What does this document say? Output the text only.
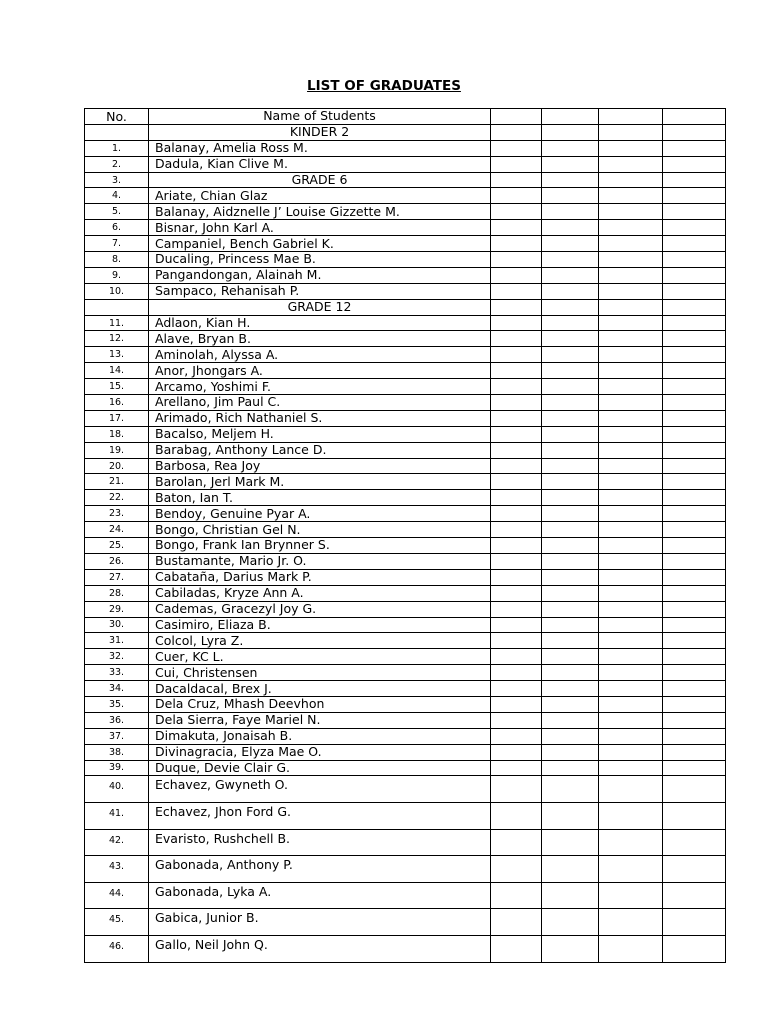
LIST OF GRADUATES
No.	Name of Students				
	KINDER 2				
1.	Balanay, Amelia Ross M.				
2.	Dadula, Kian Clive M.				
3.	GRADE 6				
4.	Ariate, Chian Glaz				
5.	Balanay, Aidznelle J’ Louise Gizzette M.				
6.	Bisnar, John Karl A.				
7.	Campaniel, Bench Gabriel K.				
8.	Ducaling, Princess Mae B.				
9.	Pangandongan, Alainah M.				
10.	Sampaco, Rehanisah P.				
	GRADE 12				
11.	Adlaon, Kian H.				
12.	Alave, Bryan B.				
13.	Aminolah, Alyssa A.				
14.	Anor, Jhongars A.				
15.	Arcamo, Yoshimi F.				
16.	Arellano, Jim Paul C.				
17.	Arimado, Rich Nathaniel S.				
18.	Bacalso, Meljem H.				
19.	Barabag, Anthony Lance D.				
20.	Barbosa, Rea Joy				
21.	Barolan, Jerl Mark M.				
22.	Baton, Ian T.				
23.	Bendoy, Genuine Pyar A.				
24.	Bongo, Christian Gel N.				
25.	Bongo, Frank Ian Brynner S.				
26.	Bustamante, Mario Jr. O.				
27.	Cabataña, Darius Mark P.				
28.	Cabiladas, Kryze Ann A.				
29.	Cademas, Gracezyl Joy G.				
30.	Casimiro, Eliaza B.				
31.	Colcol, Lyra Z.				
32.	Cuer, KC L.				
33.	Cui, Christensen				
34.	Dacaldacal, Brex J.				
35.	Dela Cruz, Mhash Deevhon				
36.	Dela Sierra, Faye Mariel N.				
37.	Dimakuta, Jonaisah B.				
38.	Divinagracia, Elyza Mae O.				
39.	Duque, Devie Clair G.				
40.	Echavez, Gwyneth O.				
41.	Echavez, Jhon Ford G.				
42.	Evaristo, Rushchell B.				
43.	Gabonada, Anthony P.				
44.	Gabonada, Lyka A.				
45.	Gabica, Junior B.				
46.	Gallo, Neil John Q.				
